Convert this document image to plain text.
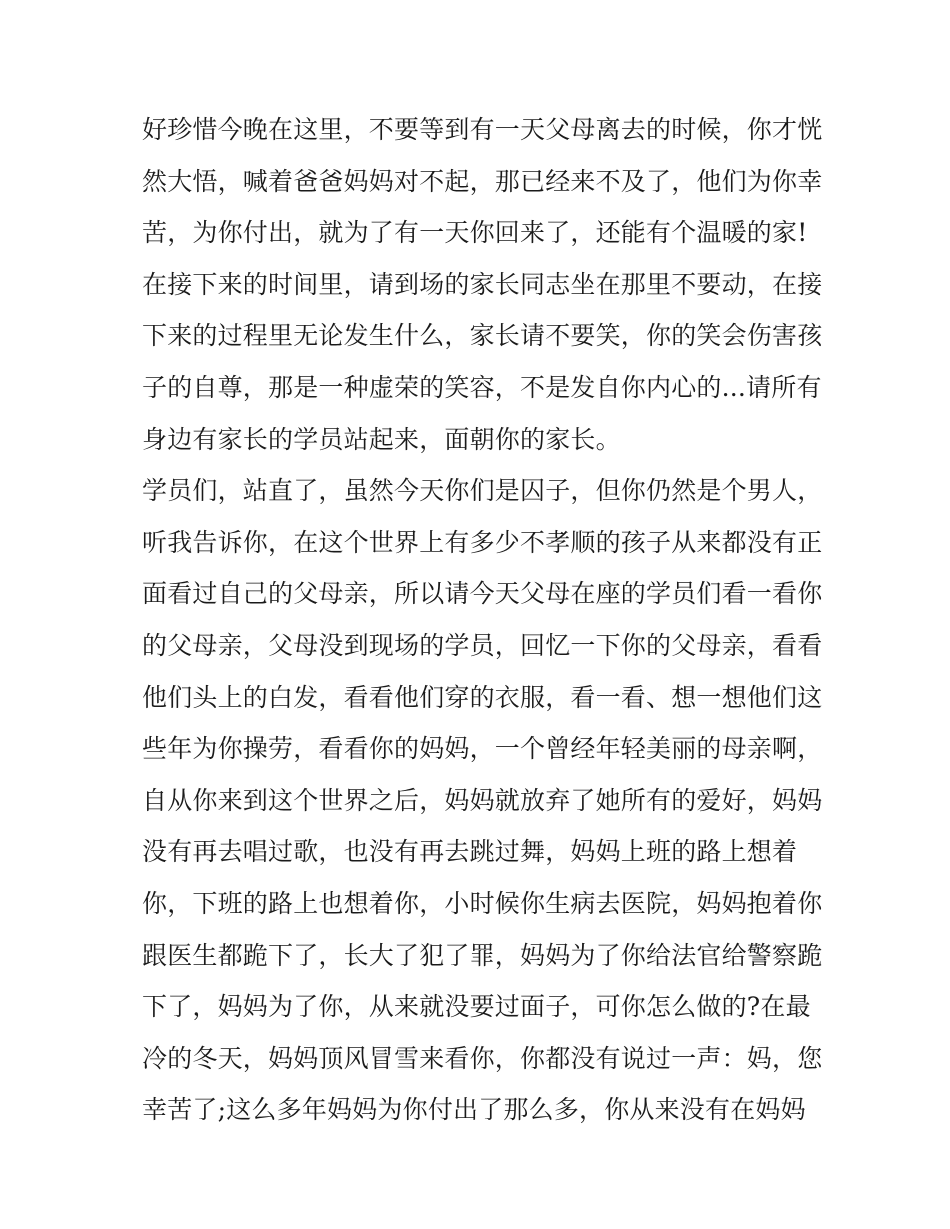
好珍惜今晚在这里，不要等到有一天父母离去的时候，你才恍
然大悟，喊着爸爸妈妈对不起，那已经来不及了，他们为你幸
苦，为你付出，就为了有一天你回来了，还能有个温暖的家!
在接下来的时间里，请到场的家长同志坐在那里不要动，在接
下来的过程里无论发生什么，家长请不要笑，你的笑会伤害孩
子的自尊，那是一种虚荣的笑容，不是发自你内心的...请所有
身边有家长的学员站起来，面朝你的家长。
学员们，站直了，虽然今天你们是囚子，但你仍然是个男人，
听我告诉你，在这个世界上有多少不孝顺的孩子从来都没有正
面看过自己的父母亲，所以请今天父母在座的学员们看一看你
的父母亲，父母没到现场的学员，回忆一下你的父母亲，看看
他们头上的白发，看看他们穿的衣服，看一看、想一想他们这
些年为你操劳，看看你的妈妈，一个曾经年轻美丽的母亲啊，
自从你来到这个世界之后，妈妈就放弃了她所有的爱好，妈妈
没有再去唱过歌，也没有再去跳过舞，妈妈上班的路上想着
你，下班的路上也想着你，小时候你生病去医院，妈妈抱着你
跟医生都跪下了，长大了犯了罪，妈妈为了你给法官给警察跪
下了，妈妈为了你，从来就没要过面子，可你怎么做的?在最
冷的冬天，妈妈顶风冒雪来看你，你都没有说过一声：妈，您
幸苦了;这么多年妈妈为你付出了那么多，你从来没有在妈妈
